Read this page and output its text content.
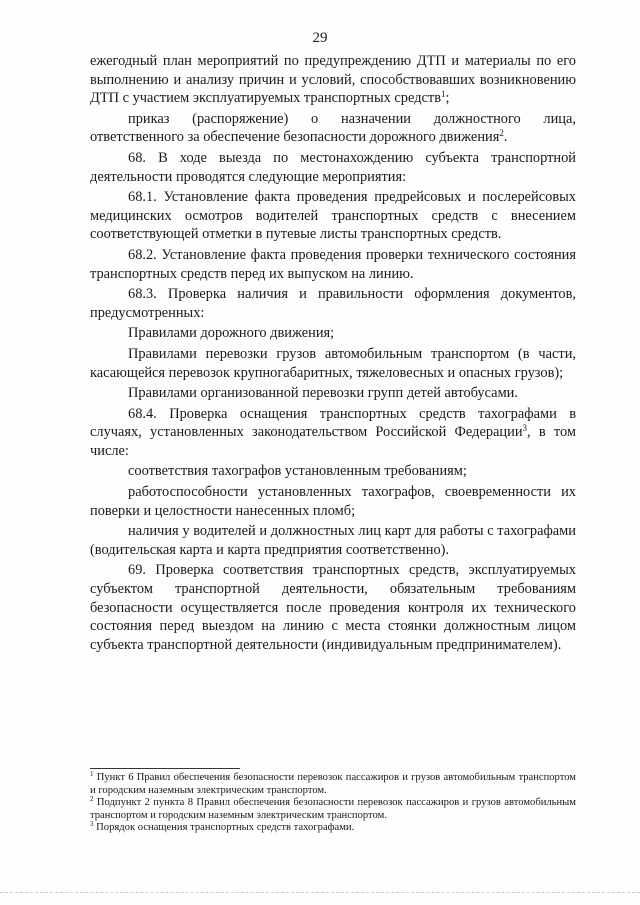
29

ежегодный план мероприятий по предупреждению ДТП и материалы по его выполнению и анализу причин и условий, способствовавших возникновению ДТП с участием эксплуатируемых транспортных средств$^1$;

приказ (распоряжение) о назначении должностного лица, ответственного за обеспечение безопасности дорожного движения$^2$.

68. В ходе выезда по местонахождению субъекта транспортной деятельности проводятся следующие мероприятия:

68.1. Установление факта проведения предрейсовых и послерейсовых медицинских осмотров водителей транспортных средств с внесением соответствующей отметки в путевые листы транспортных средств.

68.2. Установление факта проведения проверки технического состояния транспортных средств перед их выпуском на линию.

68.3. Проверка наличия и правильности оформления документов, предусмотренных:

Правилами дорожного движения;

Правилами перевозки грузов автомобильным транспортом (в части, касающейся перевозок крупногабаритных, тяжеловесных и опасных грузов);

Правилами организованной перевозки групп детей автобусами.

68.4. Проверка оснащения транспортных средств тахографами в случаях, установленных законодательством Российской Федерации$^3$, в том числе:

соответствия тахографов установленным требованиям;

работоспособности установленных тахографов, своевременности их поверки и целостности нанесенных пломб;

наличия у водителей и должностных лиц карт для работы с тахографами (водительская карта и карта предприятия соответственно).

69. Проверка соответствия транспортных средств, эксплуатируемых субъектом транспортной деятельности, обязательным требованиям безопасности осуществляется после проведения контроля их технического состояния перед выездом на линию с места стоянки должностным лицом субъекта транспортной деятельности (индивидуальным предпринимателем).

$^1$ Пункт 6 Правил обеспечения безопасности перевозок пассажиров и грузов автомобильным транспортом и городским наземным электрическим транспортом.

$^2$ Подпункт 2 пункта 8 Правил обеспечения безопасности перевозок пассажиров и грузов автомобильным транспортом и городским наземным электрическим транспортом.

$^3$ Порядок оснащения транспортных средств тахографами.
